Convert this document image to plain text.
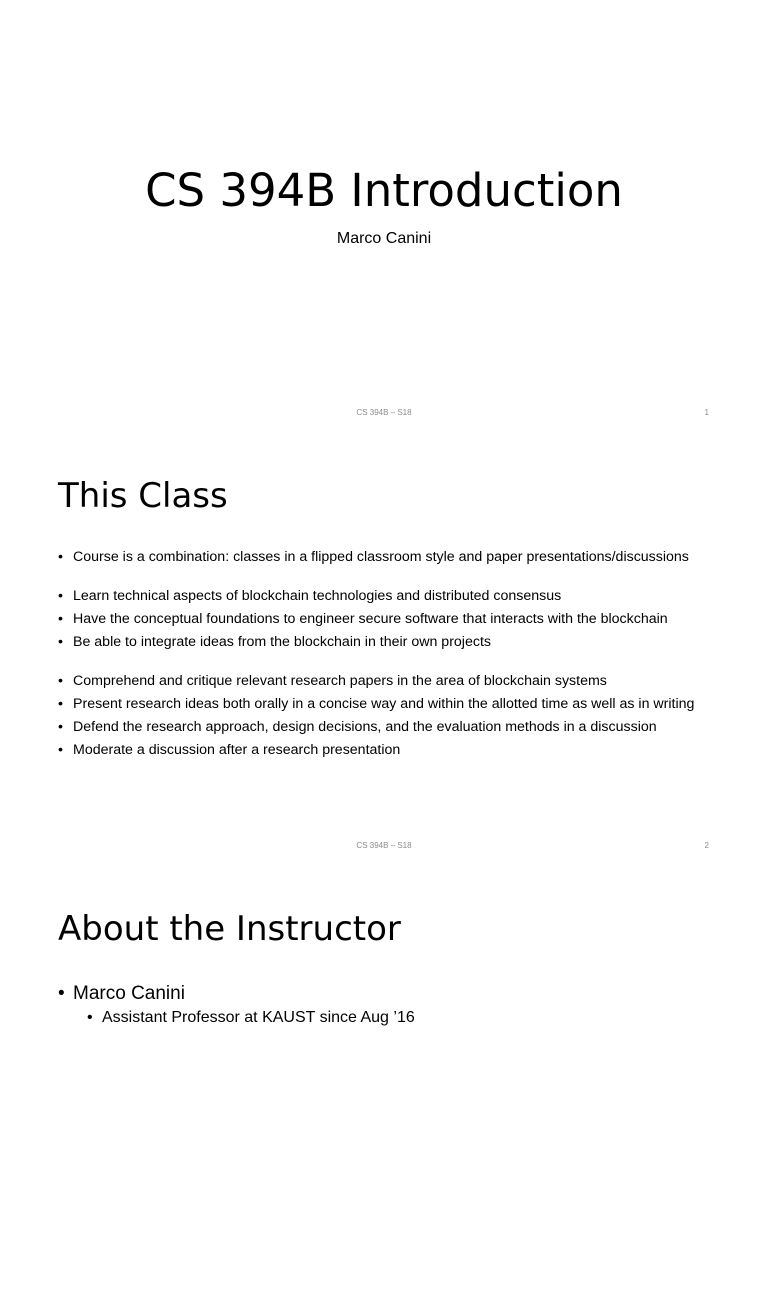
CS 394B Introduction
Marco Canini
CS 394B – S18	1
This Class
• Course is a combination: classes in a flipped classroom style and paper presentations/discussions
• Learn technical aspects of blockchain technologies and distributed consensus
• Have the conceptual foundations to engineer secure software that interacts with the blockchain
• Be able to integrate ideas from the blockchain in their own projects
• Comprehend and critique relevant research papers in the area of blockchain systems
• Present research ideas both orally in a concise way and within the allotted time as well as in writing
• Defend the research approach, design decisions, and the evaluation methods in a discussion
• Moderate a discussion after a research presentation
CS 394B – S18	2
About the Instructor
• Marco Canini
• Assistant Professor at KAUST since Aug ’16
